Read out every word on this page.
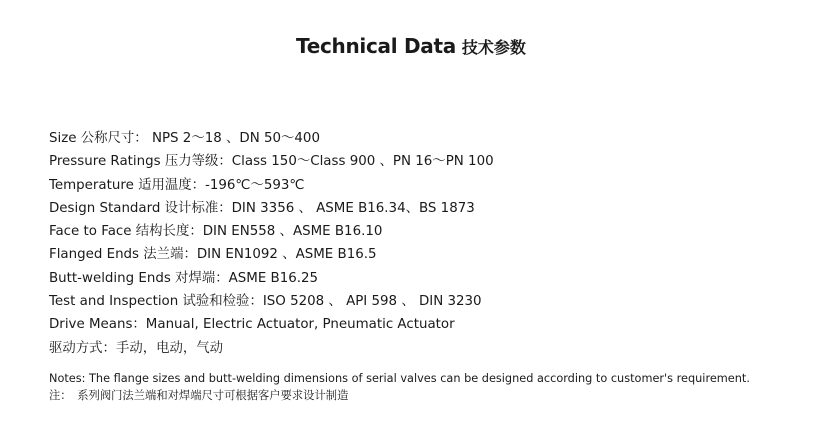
Technical Data 技术参数
Size 公称尺寸： NPS 2～18 、DN 50～400
Pressure Ratings 压力等级：Class 150～Class 900 、PN 16～PN 100
Temperature 适用温度：-196℃～593℃
Design Standard 设计标准：DIN 3356 、 ASME B16.34、BS 1873
Face to Face 结构长度：DIN EN558 、ASME B16.10
Flanged Ends 法兰端：DIN EN1092 、ASME B16.5
Butt-welding Ends 对焊端：ASME B16.25
Test and Inspection 试验和检验：ISO 5208 、 API 598 、 DIN 3230
Drive Means：Manual, Electric Actuator, Pneumatic Actuator
驱动方式：手动，电动，气动
Notes: The flange sizes and butt-welding dimensions of serial valves can be designed according to customer's requirement.
注：　系列阀门法兰端和对焊端尺寸可根据客户要求设计制造
